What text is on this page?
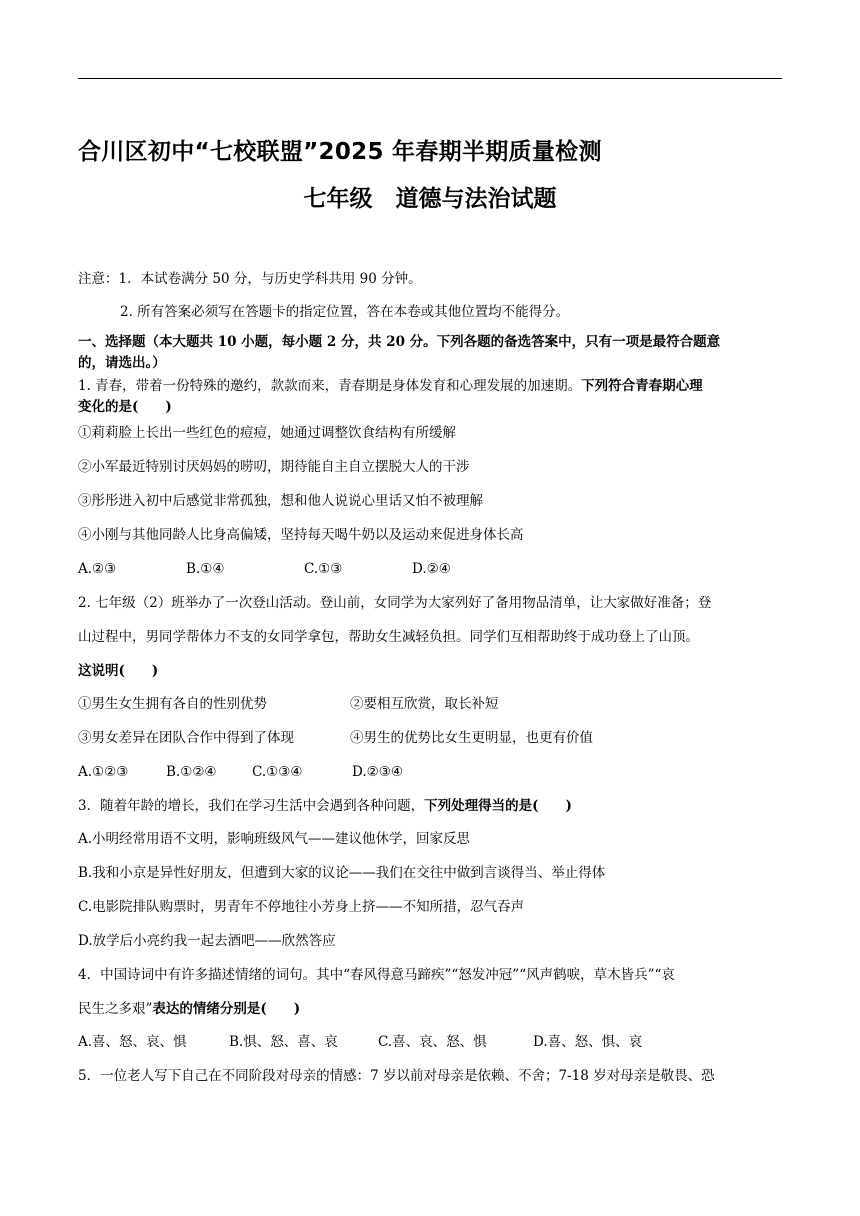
合川区初中“七校联盟”2025 年春期半期质量检测
七年级　道德与法治试题
注意：1．本试卷满分 50 分，与历史学科共用 90 分钟。
2. 所有答案必须写在答题卡的指定位置，答在本卷或其他位置均不能得分。
一、选择题（本大题共 10 小题，每小题 2 分，共 20 分。下列各题的备选答案中，只有一项是最符合题意
的，请选出。）
1. 青春，带着一份特殊的邀约，款款而来，青春期是身体发育和心理发展的加速期。下列符合青春期心理
变化的是(　　)
①莉莉脸上长出一些红色的痘痘，她通过调整饮食结构有所缓解
②小军最近特别讨厌妈妈的唠叨，期待能自主自立摆脱大人的干涉
③彤彤进入初中后感觉非常孤独，想和他人说说心里话又怕不被理解
④小刚与其他同龄人比身高偏矮，坚持每天喝牛奶以及运动来促进身体长高
A.②③	B.①④	C.①③	D.②④
2. 七年级（2）班举办了一次登山活动。登山前，女同学为大家列好了备用物品清单，让大家做好准备；登
山过程中，男同学帮体力不支的女同学拿包，帮助女生减轻负担。同学们互相帮助终于成功登上了山顶。
这说明(　　)
①男生女生拥有各自的性别优势	②要相互欣赏，取长补短
③男女差异在团队合作中得到了体现	④男生的优势比女生更明显，也更有价值
A.①②③	B.①②④	C.①③④	D.②③④
3．随着年龄的增长，我们在学习生活中会遇到各种问题，下列处理得当的是(　　)
A.小明经常用语不文明，影响班级风气——建议他休学，回家反思
B.我和小京是异性好朋友，但遭到大家的议论——我们在交往中做到言谈得当、举止得体
C.电影院排队购票时，男青年不停地往小芳身上挤——不知所措，忍气吞声
D.放学后小亮约我一起去酒吧——欣然答应
4．中国诗词中有许多描述情绪的词句。其中“春风得意马蹄疾”“怒发冲冠”“风声鹤唳，草木皆兵”“哀
民生之多艰”表达的情绪分别是(　　)
A.喜、怒、哀、惧	B.惧、怒、喜、哀	C.喜、哀、怒、惧	D.喜、怒、惧、哀
5．一位老人写下自己在不同阶段对母亲的情感：7 岁以前对母亲是依赖、不舍；7-18 岁对母亲是敬畏、恐
